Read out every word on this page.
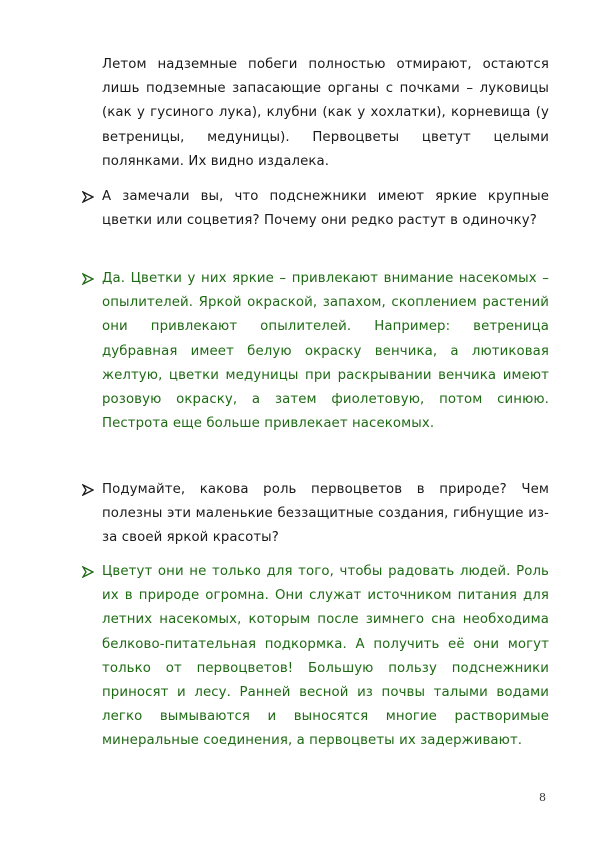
Летом надземные побеги полностью отмирают, остаются лишь подземные запасающие органы с почками – луковицы (как у гусиного лука), клубни (как у хохлатки), корневища (у ветреницы, медуницы). Первоцветы цветут целыми полянками. Их видно издалека.

А замечали вы, что подснежники имеют яркие крупные цветки или соцветия? Почему они редко растут в одиночку?

Да. Цветки у них яркие – привлекают внимание насекомых – опылителей. Яркой окраской, запахом, скоплением растений они привлекают опылителей. Например: ветреница дубравная имеет белую окраску венчика, а лютиковая желтую, цветки медуницы при раскрывании венчика имеют розовую окраску, а затем фиолетовую, потом синюю. Пестрота еще больше привлекает насекомых.

Подумайте, какова роль первоцветов в природе? Чем полезны эти маленькие беззащитные создания, гибнущие из-за своей яркой красоты?

Цветут они не только для того, чтобы радовать людей. Роль их в природе огромна. Они служат источником питания для летних насекомых, которым после зимнего сна необходима белково-питательная подкормка. А получить её они могут только от первоцветов! Большую пользу подснежники приносят и лесу. Ранней весной из почвы талыми водами легко вымываются и выносятся многие растворимые минеральные соединения, а первоцветы их задерживают.

8
